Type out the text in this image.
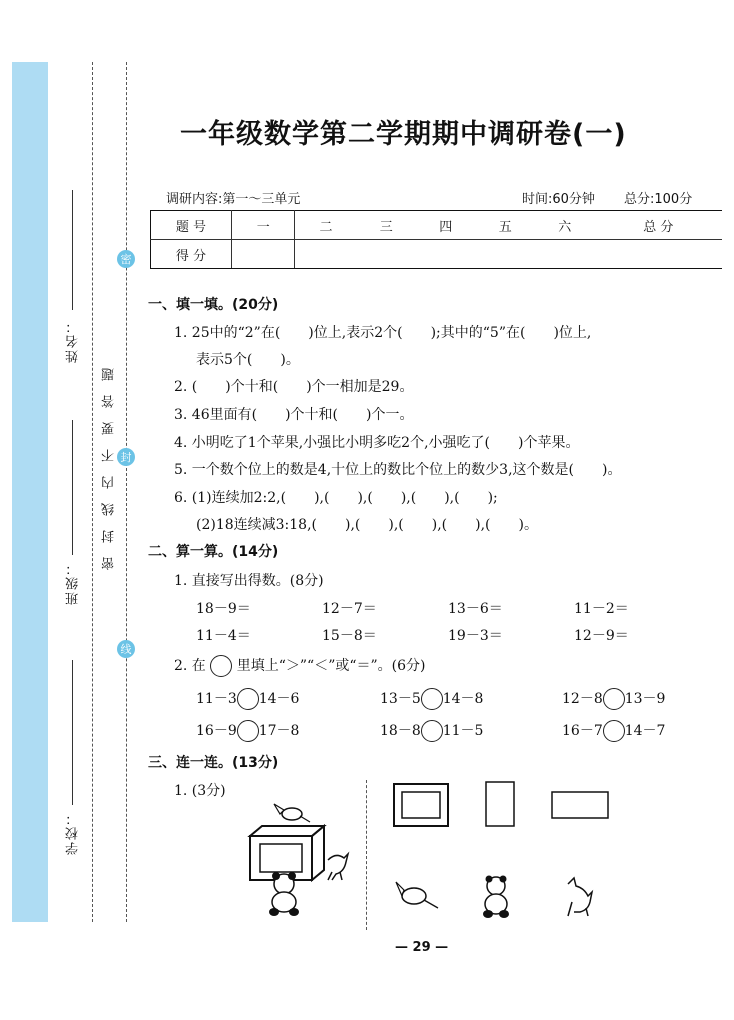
姓名：
班级：
学校：
密封线内不要答题
密
封
线
一年级数学第二学期期中调研卷(一)
调研内容:第一～三单元	时间:60分钟 总分:100分
题 号	一	二	三	四	五	六	总 分
得 分							
一、填一填。(20分)
1. 25中的“2”在(　　)位上,表示2个(　　);其中的“5”在(　　)位上,
表示5个(　　)。
2. (　　)个十和(　　)个一相加是29。
3. 46里面有(　　)个十和(　　)个一。
4. 小明吃了1个苹果,小强比小明多吃2个,小强吃了(　　)个苹果。
5. 一个数个位上的数是4,十位上的数比个位上的数少3,这个数是(　　)。
6. (1)连续加2:2,(　　),(　　),(　　),(　　),(　　);
(2)18连续减3:18,(　　),(　　),(　　),(　　),(　　)。
二、算一算。(14分)
1. 直接写出得数。(8分)
18－9＝	12－7＝	13－6＝	11－2＝
11－4＝	15－8＝	19－3＝	12－9＝
2. 在 里填上“＞”“＜”或“＝”。(6分)
11－3 14－6	13－5 14－8	12－8 13－9
16－9 17－8	18－8 11－5	16－7 14－7
三、连一连。(13分)
1. (3分)
— 29 —
